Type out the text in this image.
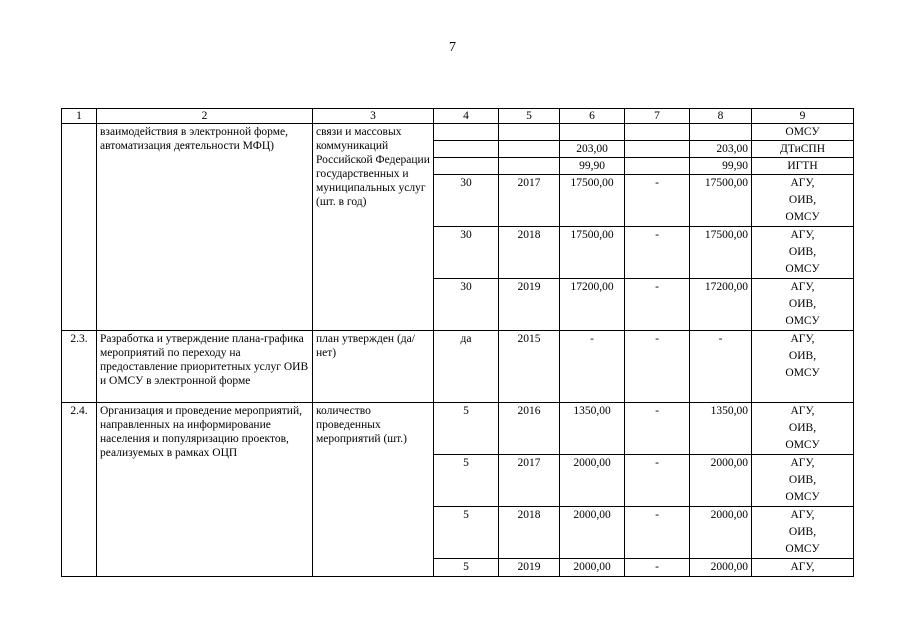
7
1	2	3	4	5	6	7	8	9
	взаимодействия в электронной форме, автоматизация деятельности МФЦ)	связи и массовых коммуникаций Российской Федерации государственных и муниципальных услуг (шт. в год)						ОМСУ
					203,00		203,00	ДТиСПН
					99,90		99,90	ИГТН
			30	2017	17500,00	-	17500,00	АГУ,
ОИВ,
ОМСУ

			30	2018	17500,00	-	17500,00	АГУ,
ОИВ,
ОМСУ

			30	2019	17200,00	-	17200,00	АГУ,
ОИВ,
ОМСУ

2.3.	Разработка и утверждение плана-графика мероприятий по переходу на предоставление приоритетных услуг ОИВ и ОМСУ в электронной форме	план утвержден (да/ нет)	да	2015	-	-	-	АГУ,
ОИВ,
ОМСУ

2.4.	Организация и проведение мероприятий, направленных на информирование населения и популяризацию проектов, реализуемых в рамках ОЦП	количество проведенных мероприятий (шт.)	5	2016	1350,00	-	1350,00	АГУ,
ОИВ,
ОМСУ

			5	2017	2000,00	-	2000,00	АГУ,
ОИВ,
ОМСУ

			5	2018	2000,00	-	2000,00	АГУ,
ОИВ,
ОМСУ

			5	2019	2000,00	-	2000,00	АГУ,
